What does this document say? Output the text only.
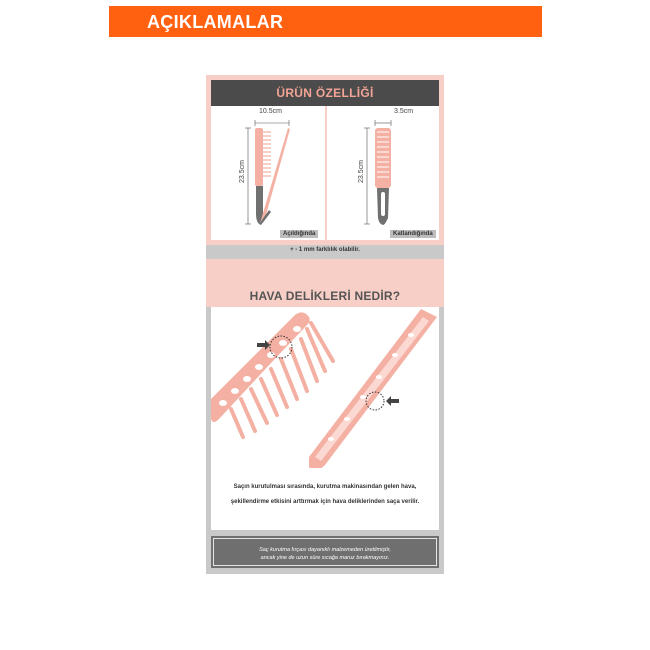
AÇIKLAMALAR
ÜRÜN ÖZELLİĞİ
10.5cm
23.5cm
Açıldığında
3.5cm
23.5cm
Katlandığında
+ - 1 mm farklılık olabilir.
HAVA DELİKLERİ NEDİR?
Saçın kurutulması sırasında, kurutma makinasından gelen hava,
şekillendirme etkisini arttırmak için hava deliklerinden saça verilir.
Saç kurutma fırçası dayanıklı malzemeden üretilmiştir,
ancak yine de uzun süre sıcağa maruz bırakmayınız.
